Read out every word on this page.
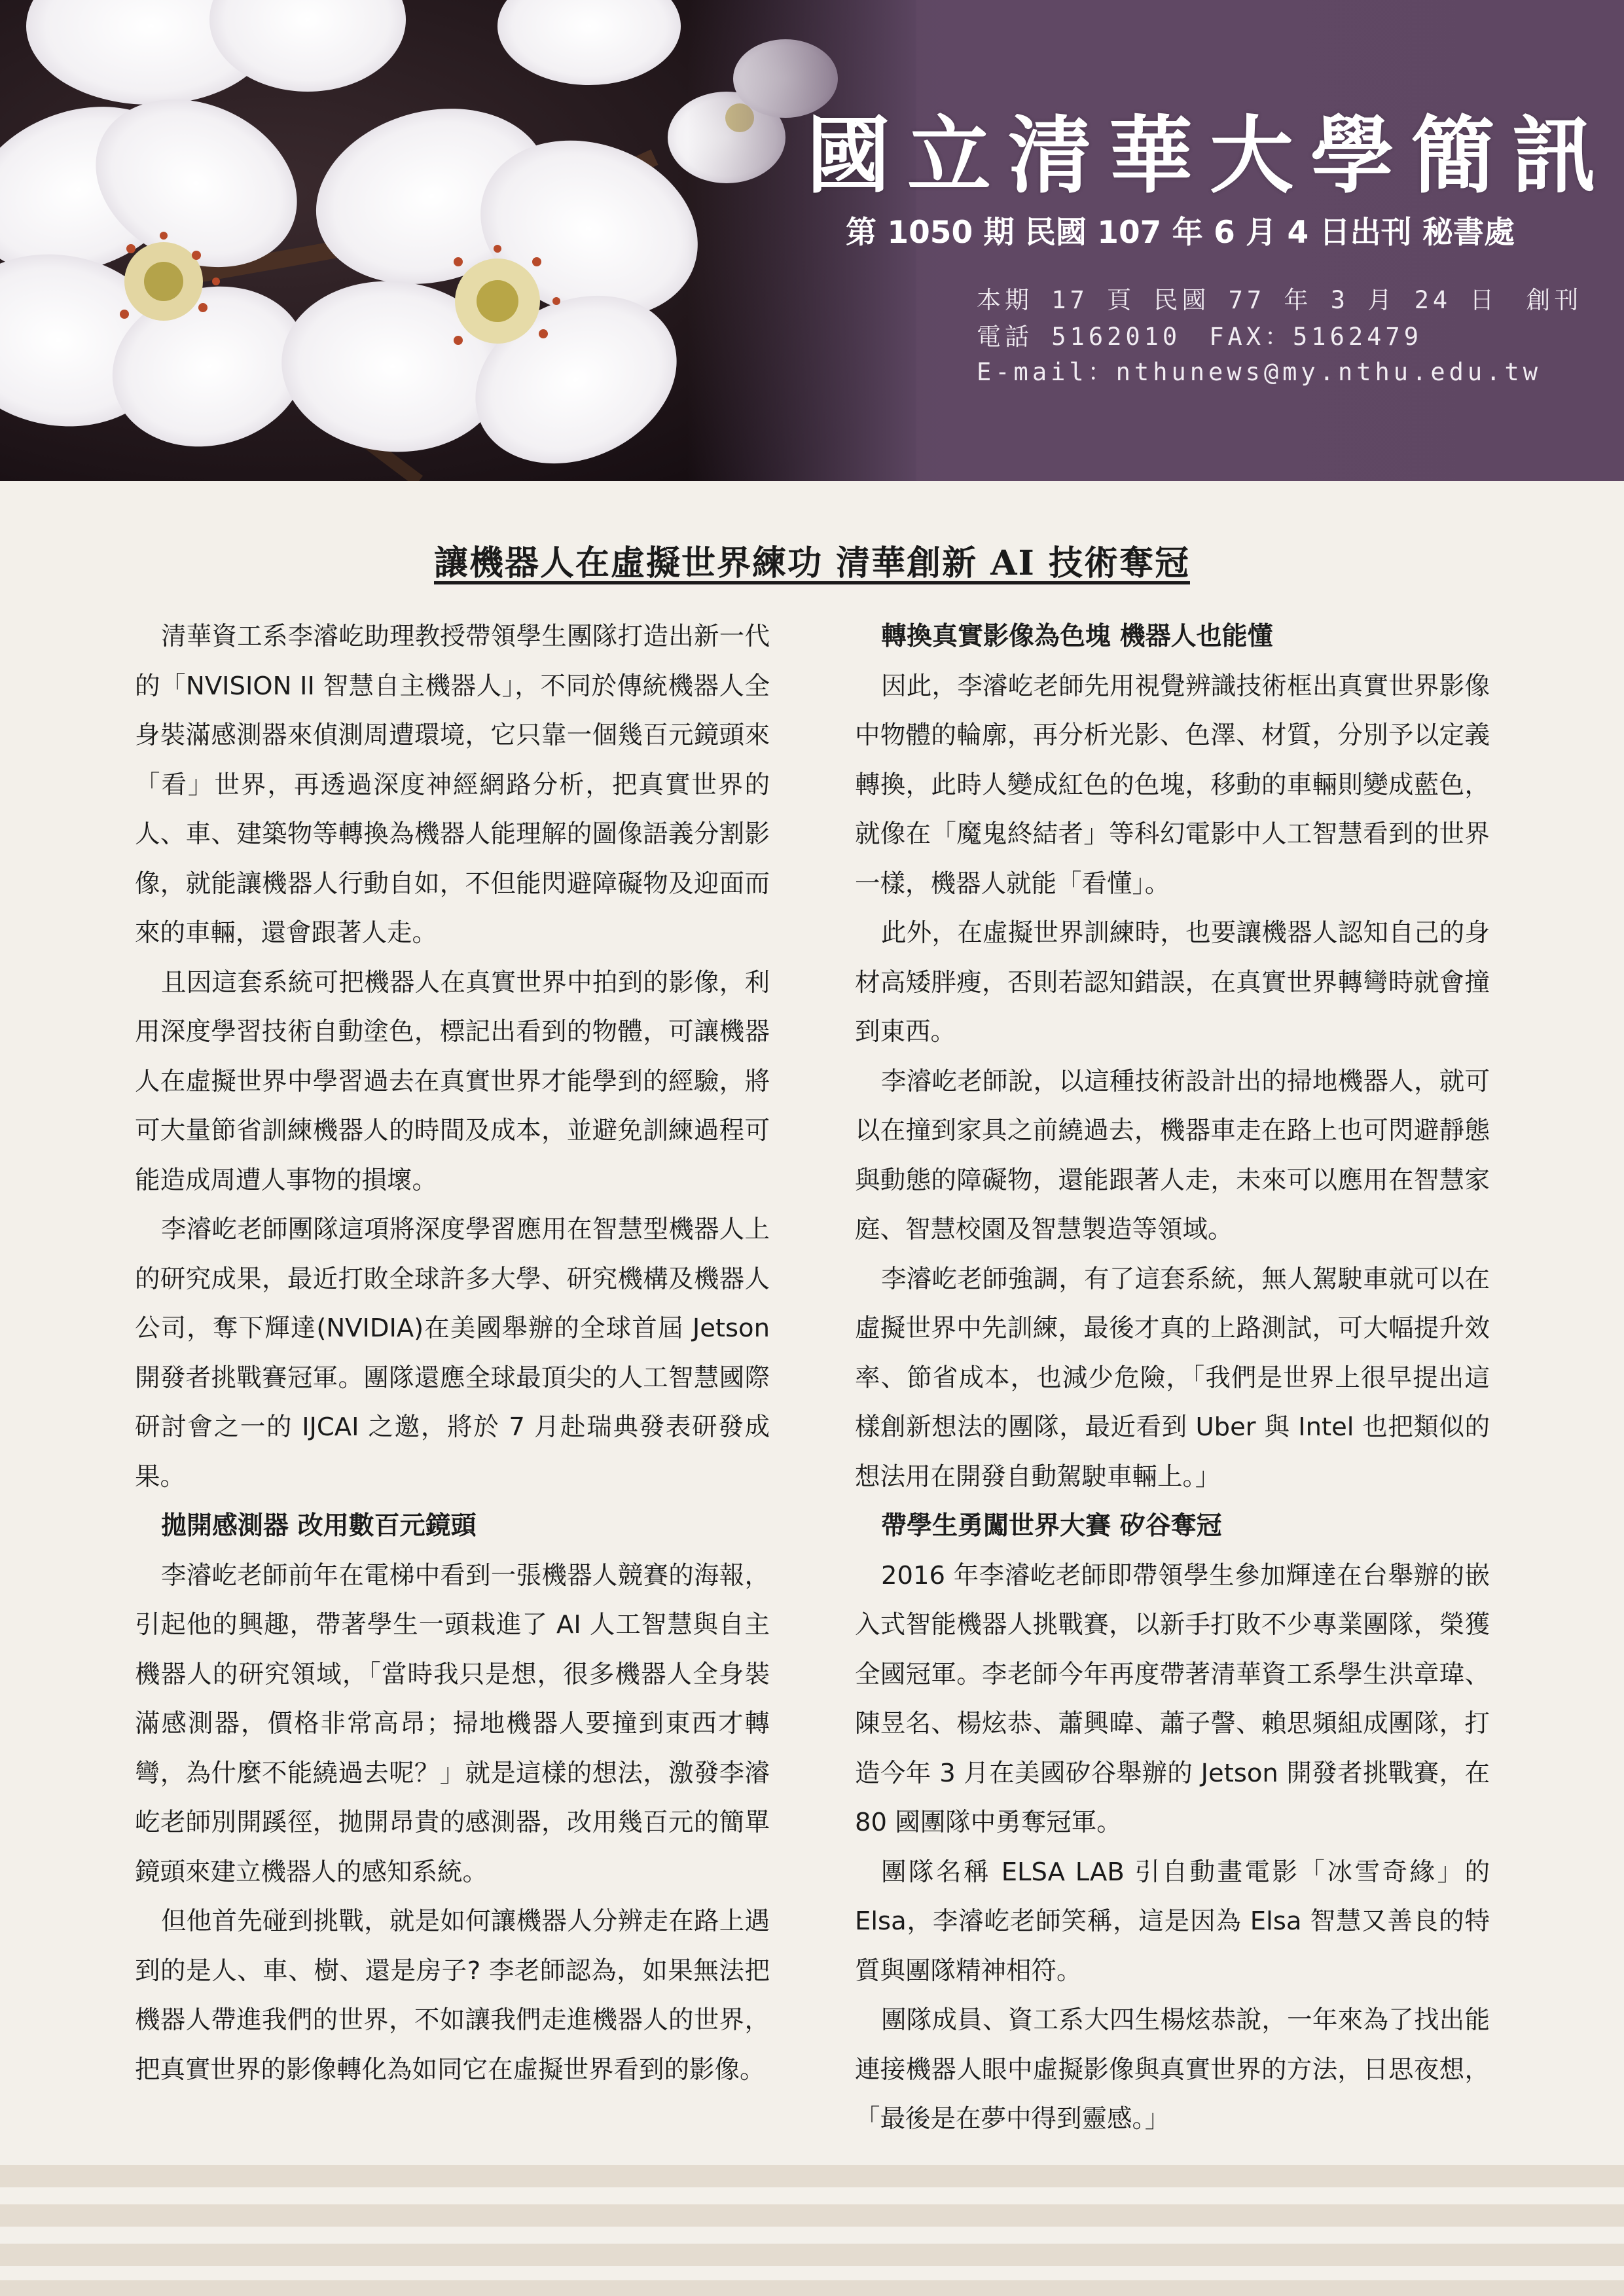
國立清華大學簡訊
第 1050 期 民國 107 年 6 月 4 日出刊 秘書處
本期 17 頁 民國 77 年 3 月 24 日　創刊
電話 5162010　FAX：5162479
E-mail：nthunews@my.nthu.edu.tw
讓機器人在虛擬世界練功 清華創新 AI 技術奪冠

清華資工系李濬屹助理教授帶領學生團隊打造出新一代的「NVISION II 智慧自主機器人」，不同於傳統機器人全身裝滿感測器來偵測周遭環境，它只靠一個幾百元鏡頭來「看」世界，再透過深度神經網路分析，把真實世界的人、車、建築物等轉換為機器人能理解的圖像語義分割影像，就能讓機器人行動自如，不但能閃避障礙物及迎面而來的車輛，還會跟著人走。

且因這套系統可把機器人在真實世界中拍到的影像，利用深度學習技術自動塗色，標記出看到的物體，可讓機器人在虛擬世界中學習過去在真實世界才能學到的經驗，將可大量節省訓練機器人的時間及成本，並避免訓練過程可能造成周遭人事物的損壞。

李濬屹老師團隊這項將深度學習應用在智慧型機器人上的研究成果，最近打敗全球許多大學、研究機構及機器人公司，奪下輝達(NVIDIA)在美國舉辦的全球首屆 Jetson 開發者挑戰賽冠軍。團隊還應全球最頂尖的人工智慧國際研討會之一的 IJCAI 之邀，將於 7 月赴瑞典發表研發成果。

拋開感測器 改用數百元鏡頭

李濬屹老師前年在電梯中看到一張機器人競賽的海報，引起他的興趣，帶著學生一頭栽進了 AI 人工智慧與自主機器人的研究領域，「當時我只是想，很多機器人全身裝滿感測器，價格非常高昂；掃地機器人要撞到東西才轉彎，為什麼不能繞過去呢？」就是這樣的想法，激發李濬屹老師別開蹊徑，拋開昂貴的感測器，改用幾百元的簡單鏡頭來建立機器人的感知系統。

但他首先碰到挑戰，就是如何讓機器人分辨走在路上遇到的是人、車、樹、還是房子? 李老師認為，如果無法把機器人帶進我們的世界，不如讓我們走進機器人的世界，把真實世界的影像轉化為如同它在虛擬世界看到的影像。

轉換真實影像為色塊 機器人也能懂

因此，李濬屹老師先用視覺辨識技術框出真實世界影像中物體的輪廓，再分析光影、色澤、材質，分別予以定義轉換，此時人變成紅色的色塊，移動的車輛則變成藍色，就像在「魔鬼終結者」等科幻電影中人工智慧看到的世界一樣，機器人就能「看懂」。

此外，在虛擬世界訓練時，也要讓機器人認知自己的身材高矮胖瘦，否則若認知錯誤，在真實世界轉彎時就會撞到東西。

李濬屹老師說，以這種技術設計出的掃地機器人，就可以在撞到家具之前繞過去，機器車走在路上也可閃避靜態與動態的障礙物，還能跟著人走，未來可以應用在智慧家庭、智慧校園及智慧製造等領域。

李濬屹老師強調，有了這套系統，無人駕駛車就可以在虛擬世界中先訓練，最後才真的上路測試，可大幅提升效率、節省成本，也減少危險，「我們是世界上很早提出這樣創新想法的團隊，最近看到 Uber 與 Intel 也把類似的想法用在開發自動駕駛車輛上。」

帶學生勇闖世界大賽 矽谷奪冠

2016 年李濬屹老師即帶領學生參加輝達在台舉辦的嵌入式智能機器人挑戰賽，以新手打敗不少專業團隊，榮獲全國冠軍。李老師今年再度帶著清華資工系學生洪章瑋、陳昱名、楊炫恭、蕭興暐、蕭子謦、賴思頻組成團隊，打造今年 3 月在美國矽谷舉辦的 Jetson 開發者挑戰賽，在 80 國團隊中勇奪冠軍。

團隊名稱 ELSA LAB 引自動畫電影「冰雪奇緣」的 Elsa，李濬屹老師笑稱，這是因為 Elsa 智慧又善良的特質與團隊精神相符。

團隊成員、資工系大四生楊炫恭說，一年來為了找出能連接機器人眼中虛擬影像與真實世界的方法，日思夜想，「最後是在夢中得到靈感。」
